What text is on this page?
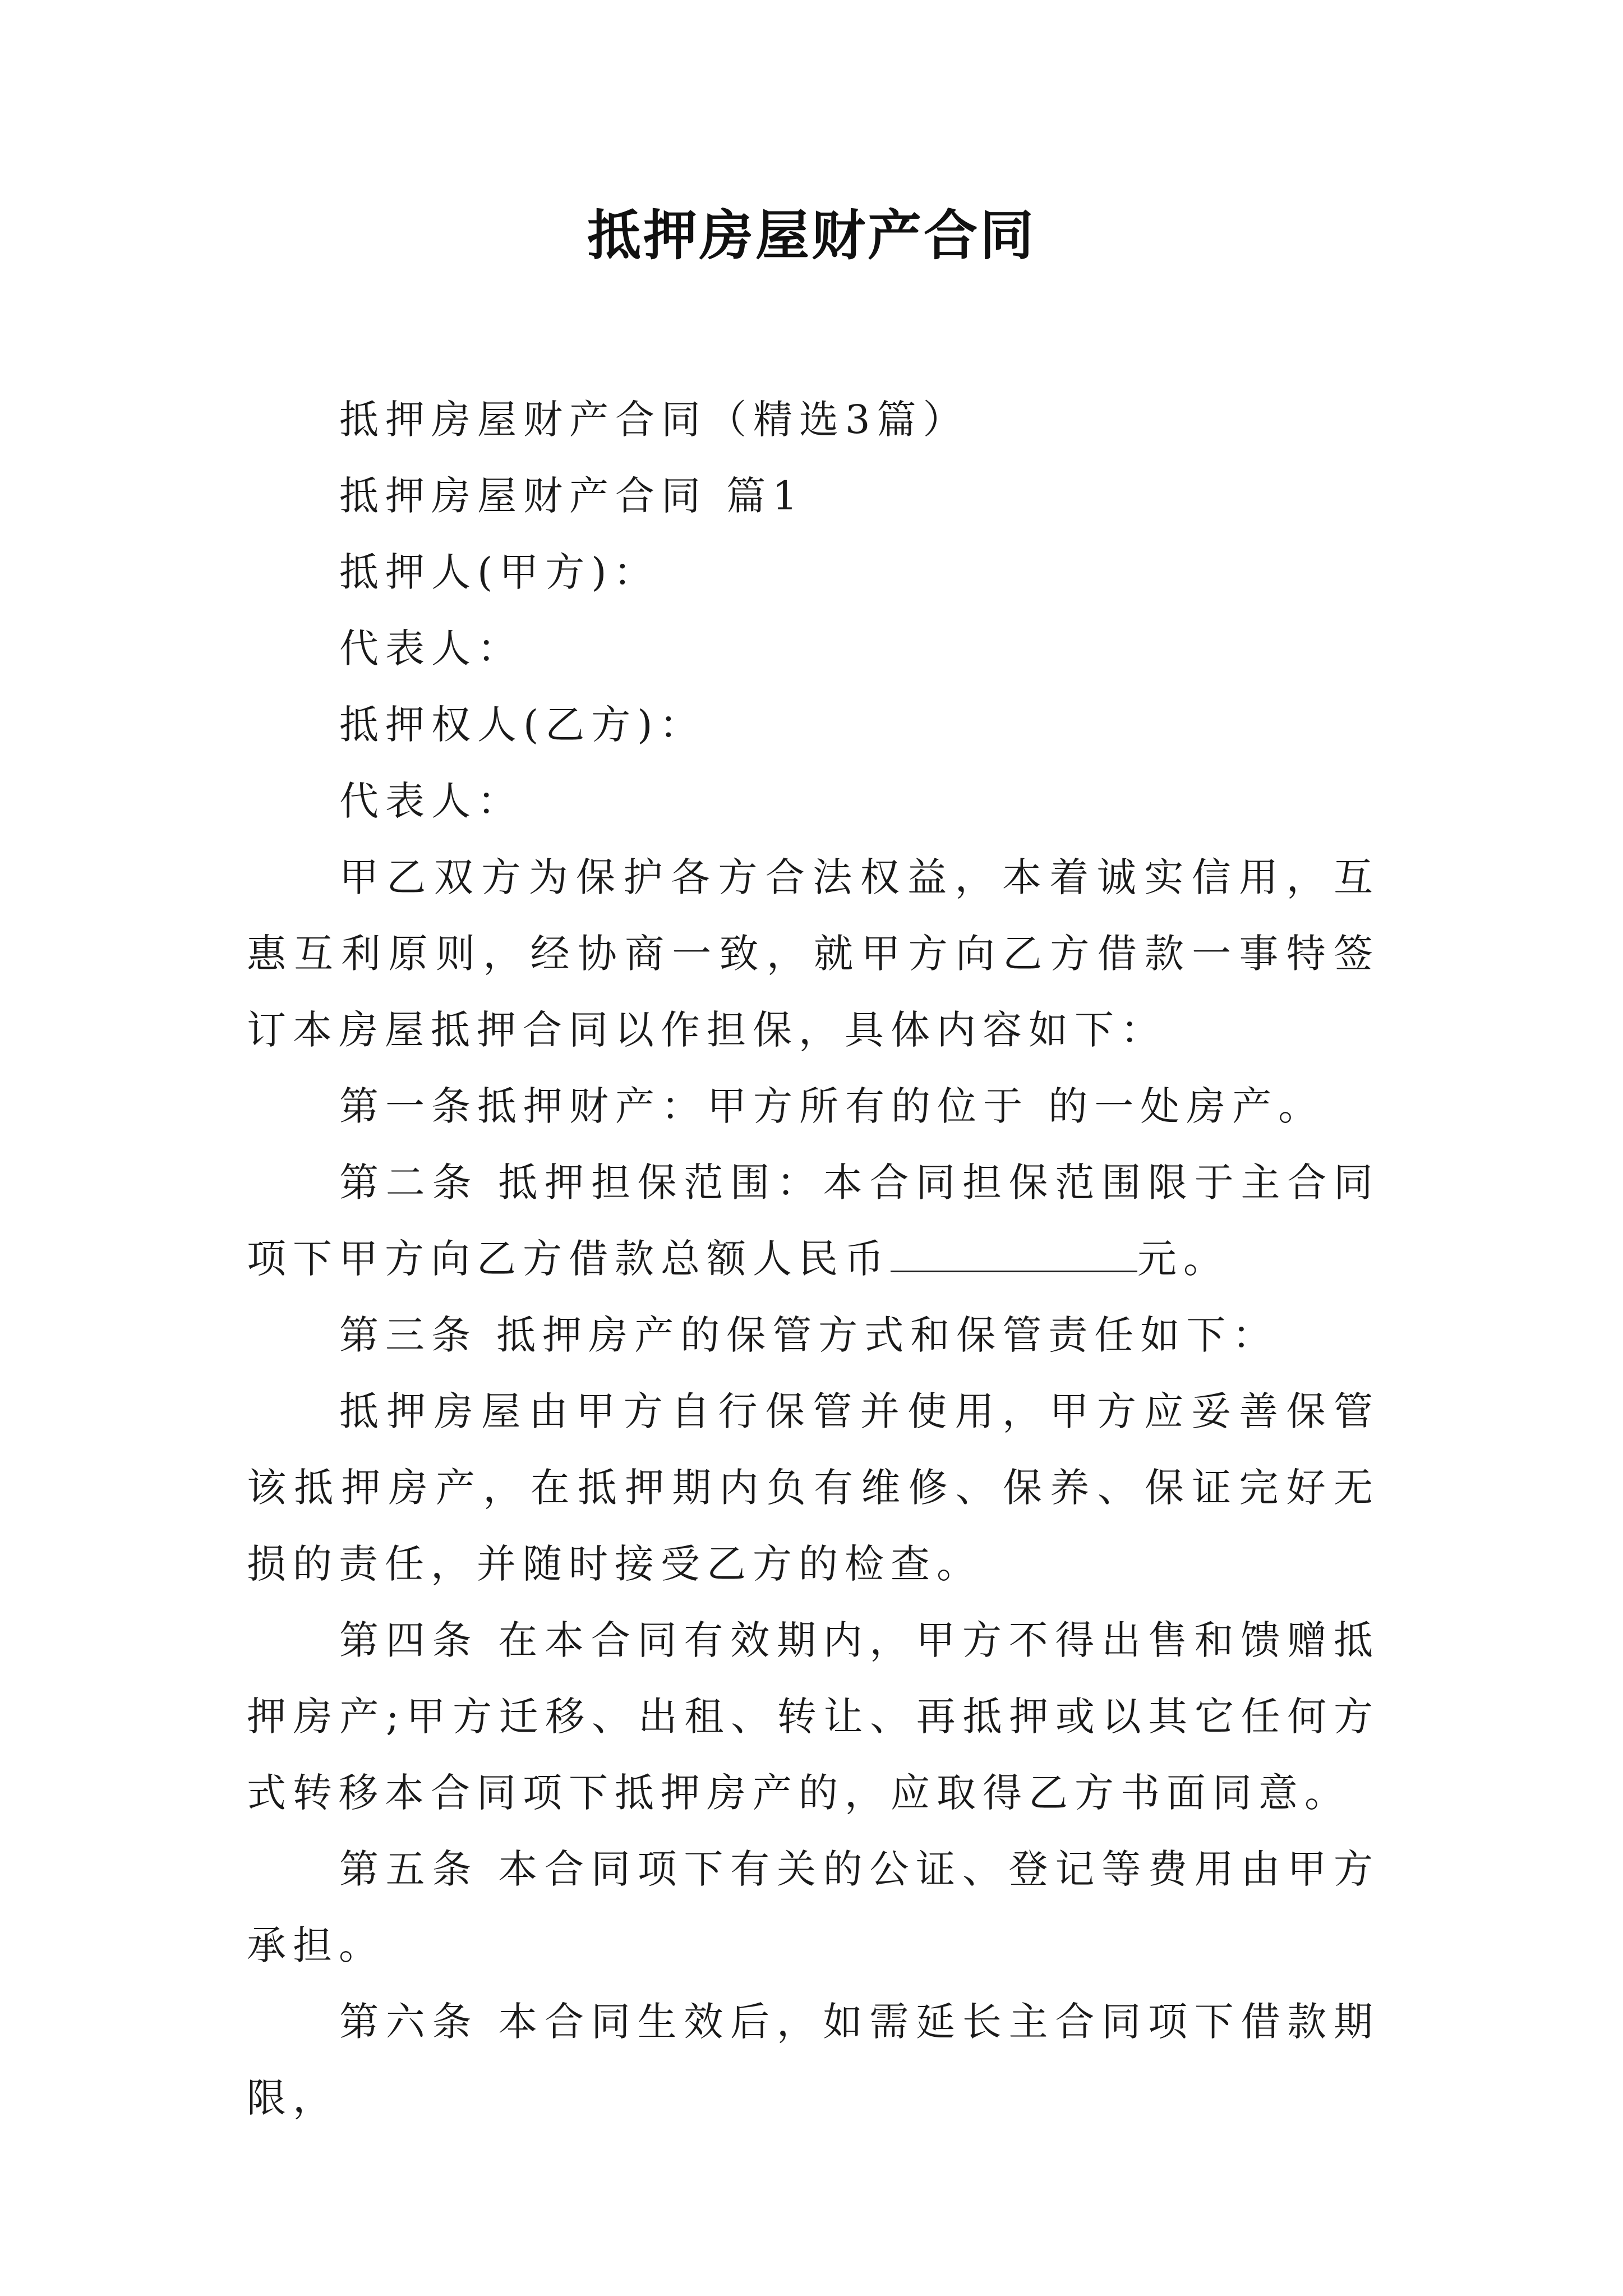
抵押房屋财产合同

抵押房屋财产合同（精选3篇）

抵押房屋财产合同 篇1

抵押人(甲方)：

代表人：

抵押权人(乙方)：

代表人：

甲乙双方为保护各方合法权益，本着诚实信用，互惠互利原则，经协商一致，就甲方向乙方借款一事特签订本房屋抵押合同以作担保，具体内容如下：

第一条抵押财产：甲方所有的位于 的一处房产。

第二条 抵押担保范围：本合同担保范围限于主合同项下甲方向乙方借款总额人民币	元。

第三条 抵押房产的保管方式和保管责任如下：

抵押房屋由甲方自行保管并使用，甲方应妥善保管该抵押房产，在抵押期内负有维修、保养、保证完好无损的责任，并随时接受乙方的检查。

第四条 在本合同有效期内，甲方不得出售和馈赠抵押房产;甲方迁移、出租、转让、再抵押或以其它任何方式转移本合同项下抵押房产的，应取得乙方书面同意。

第五条 本合同项下有关的公证、登记等费用由甲方承担。

第六条 本合同生效后，如需延长主合同项下借款期限，
